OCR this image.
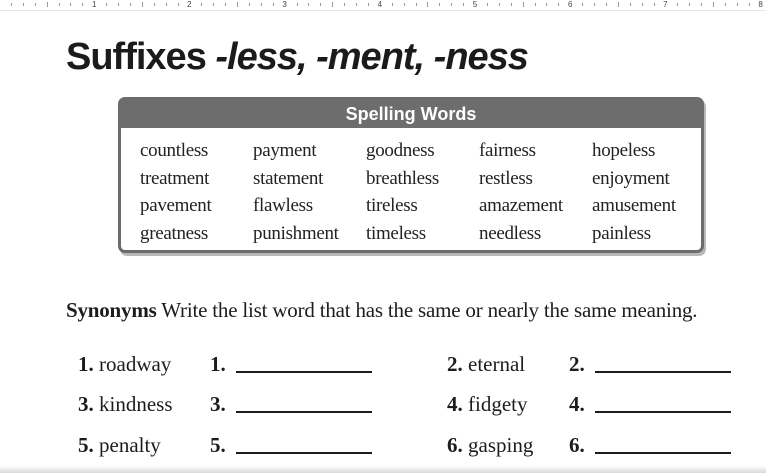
1	2	3	4	5	6	7	8
Suffixes -less, -ment, -ness
Spelling Words
countless	payment	goodness	fairness	hopeless
treatment	statement	breathless	restless	enjoyment
pavement	flawless	tireless	amazement	amusement
greatness	punishment	timeless	needless	painless
Synonyms Write the list word that has the same or nearly the same meaning.
1. roadway 1.	2. eternal 2.
3. kindness 3.	4. fidgety 4.
5. penalty 5.	6. gasping 6.
